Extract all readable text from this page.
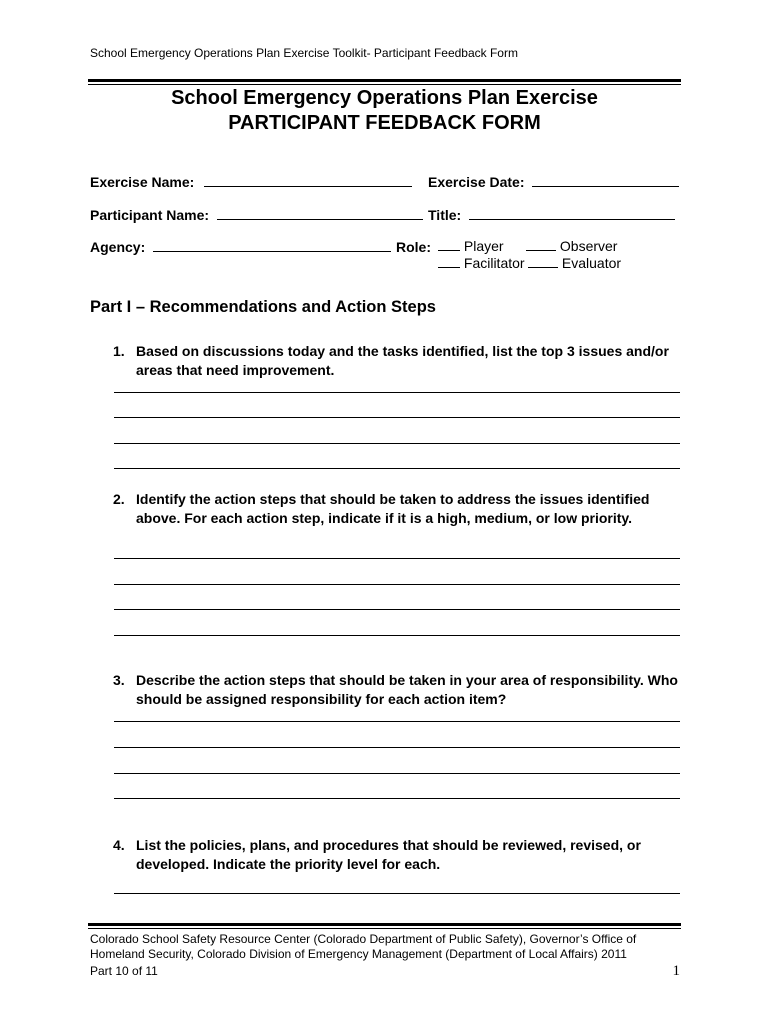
School Emergency Operations Plan Exercise Toolkit- Participant Feedback Form
School Emergency Operations Plan Exercise
PARTICIPANT FEEDBACK FORM
Exercise Name:	Exercise Date:
Participant Name:	Title:
Agency:	Role:	Player	Observer
Facilitator	Evaluator
Part I – Recommendations and Action Steps
1. Based on discussions today and the tasks identified, list the top 3 issues and/or areas that need improvement.
2. Identify the action steps that should be taken to address the issues identified above. For each action step, indicate if it is a high, medium, or low priority.
3. Describe the action steps that should be taken in your area of responsibility. Who should be assigned responsibility for each action item?
4. List the policies, plans, and procedures that should be reviewed, revised, or developed. Indicate the priority level for each.
Colorado School Safety Resource Center (Colorado Department of Public Safety), Governor’s Office of Homeland Security, Colorado Division of Emergency Management (Department of Local Affairs) 2011
Part 10 of 11	1
